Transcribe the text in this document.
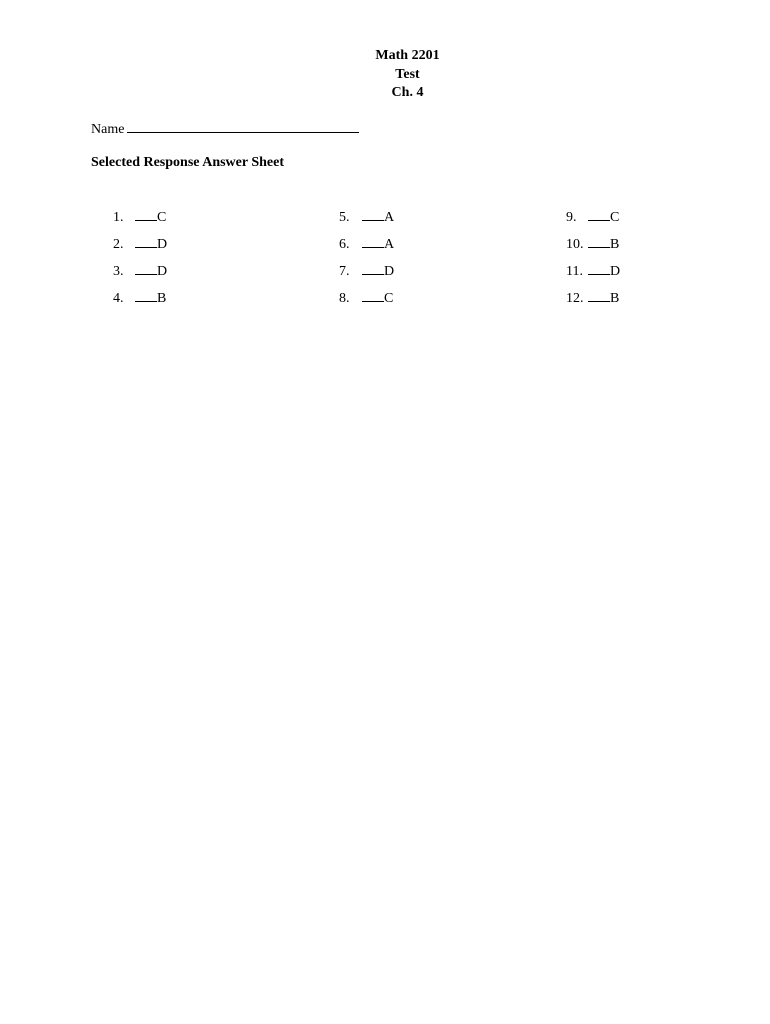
Math 2201
Test
Ch. 4
Name
Selected Response Answer Sheet
1. C
2. D
3. D
4. B
5. A
6. A
7. D
8. C
9. C
10. B
11. D
12. B
